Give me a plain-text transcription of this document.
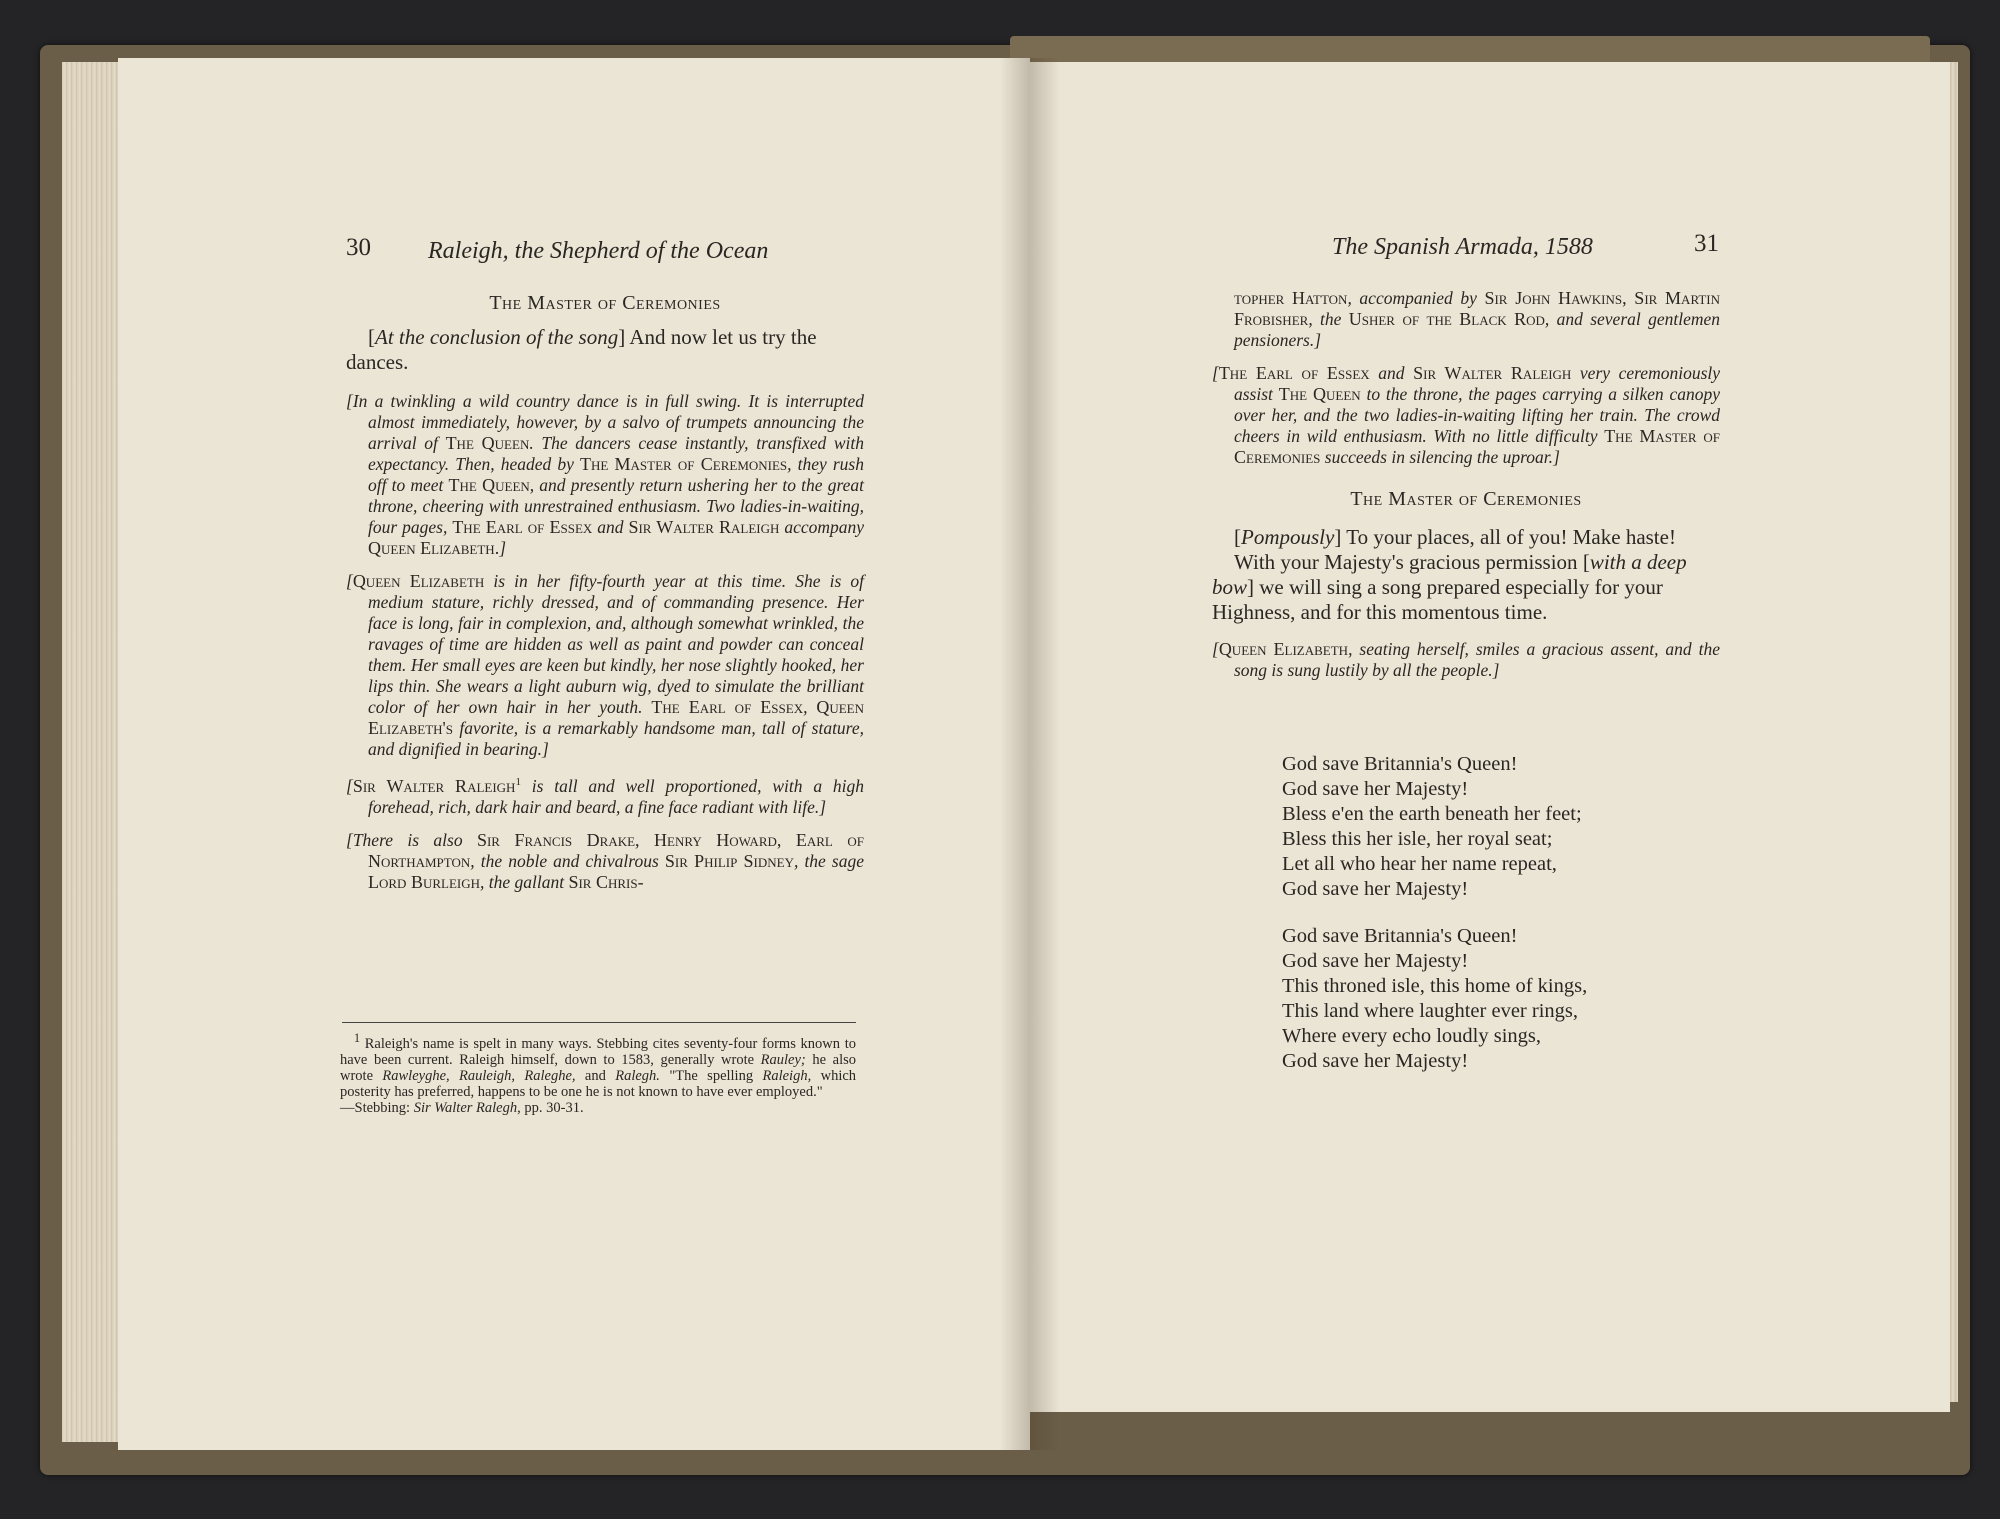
30 Raleigh, the Shepherd of the Ocean
The Master of Ceremonies

[At the conclusion of the song] And now let us try the dances.

[In a twinkling a wild country dance is in full swing. It is interrupted almost immediately, however, by a salvo of trumpets announcing the arrival of The Queen. The dancers cease instantly, transfixed with expectancy. Then, headed by The Master of Ceremonies, they rush off to meet The Queen, and presently return ushering her to the great throne, cheering with unrestrained enthusiasm. Two ladies-in-waiting, four pages, The Earl of Essex and Sir Walter Raleigh accompany Queen Elizabeth.]

[Queen Elizabeth is in her fifty-fourth year at this time. She is of medium stature, richly dressed, and of commanding presence. Her face is long, fair in complexion, and, although somewhat wrinkled, the ravages of time are hidden as well as paint and powder can conceal them. Her small eyes are keen but kindly, her nose slightly hooked, her lips thin. She wears a light auburn wig, dyed to simulate the brilliant color of her own hair in her youth. The Earl of Essex, Queen Elizabeth's favorite, is a remarkably handsome man, tall of stature, and dignified in bearing.]

[Sir Walter Raleigh$^1$ is tall and well proportioned, with a high forehead, rich, dark hair and beard, a fine face radiant with life.]

[There is also Sir Francis Drake, Henry Howard, Earl of Northampton, the noble and chivalrous Sir Philip Sidney, the sage Lord Burleigh, the gallant Sir Chris-

$^1$ Raleigh's name is spelt in many ways. Stebbing cites seventy-four forms known to have been current. Raleigh himself, down to 1583, generally wrote Rauley; he also wrote Rawleyghe, Rauleigh, Raleghe, and Ralegh. "The spelling Raleigh, which posterity has preferred, happens to be one he is not known to have ever employed."
—Stebbing: Sir Walter Ralegh, pp. 30-31.
The Spanish Armada, 1588	31

topher Hatton, accompanied by Sir John Hawkins, Sir Martin Frobisher, the Usher of the Black Rod, and several gentlemen pensioners.]

[The Earl of Essex and Sir Walter Raleigh very ceremoniously assist The Queen to the throne, the pages carrying a silken canopy over her, and the two ladies-in-waiting lifting her train. The crowd cheers in wild enthusiasm. With no little difficulty The Master of Ceremonies succeeds in silencing the uproar.]

The Master of Ceremonies

[Pompously] To your places, all of you! Make haste!

With your Majesty's gracious permission [with a deep bow] we will sing a song prepared especially for your Highness, and for this momentous time.

[Queen Elizabeth, seating herself, smiles a gracious assent, and the song is sung lustily by all the people.]

God save Britannia's Queen!
God save her Majesty!
Bless e'en the earth beneath her feet;
Bless this her isle, her royal seat;
Let all who hear her name repeat,
God save her Majesty!
God save Britannia's Queen!
God save her Majesty!
This throned isle, this home of kings,
This land where laughter ever rings,
Where every echo loudly sings,
God save her Majesty!
